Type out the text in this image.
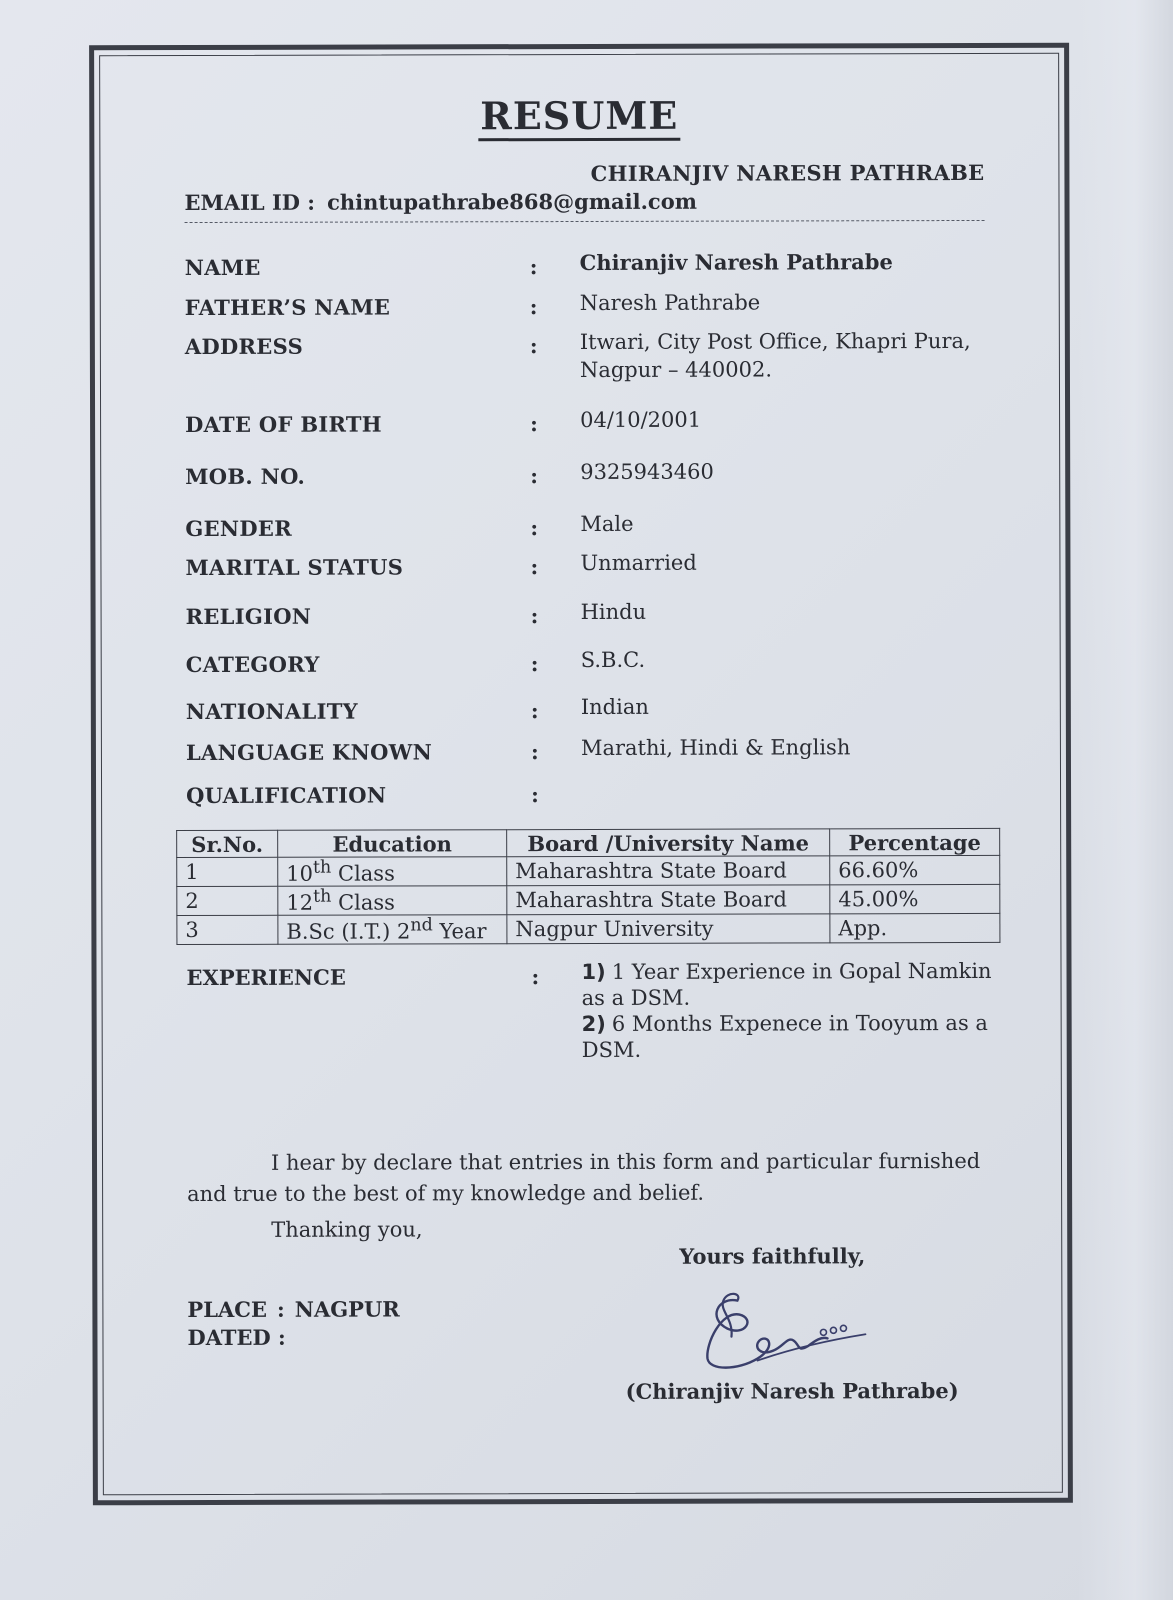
RESUME
CHIRANJIV NARESH PATHRABE
EMAIL ID : chintupathrabe868@gmail.com
NAME	: Chiranjiv Naresh Pathrabe
FATHER’S NAME	: Naresh Pathrabe
ADDRESS	: Itwari, City Post Office, Khapri Pura,
Nagpur – 440002.
DATE OF BIRTH	: 04/10/2001
MOB. NO.	: 9325943460
GENDER	: Male
MARITAL STATUS	: Unmarried
RELIGION	: Hindu
CATEGORY	: S.B.C.
NATIONALITY	: Indian
LANGUAGE KNOWN	: Marathi, Hindi & English
QUALIFICATION	:
Sr.No.	Education	Board /University Name	Percentage
1	10th Class	Maharashtra State Board	66.60%
2	12th Class	Maharashtra State Board	45.00%
3	B.Sc (I.T.) 2nd Year	Nagpur University	App.
EXPERIENCE	: 1) 1 Year Experience in Gopal Namkin as a DSM.
2) 6 Months Expenece in Tooyum as a DSM.
I hear by declare that entries in this form and particular furnished and true to the best of my knowledge and belief.
Thanking you,
Yours faithfully,
PLACE : NAGPUR
DATED :
(Chiranjiv Naresh Pathrabe)
